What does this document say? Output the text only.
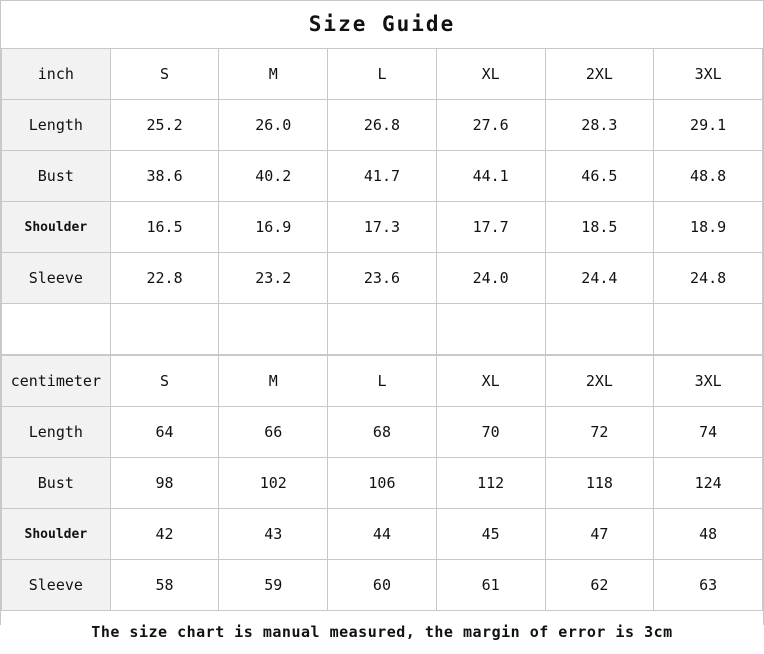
Size Guide
inch	S	M	L	XL	2XL	3XL
Length	25.2	26.0	26.8	27.6	28.3	29.1
Bust	38.6	40.2	41.7	44.1	46.5	48.8
Shoulder	16.5	16.9	17.3	17.7	18.5	18.9
Sleeve	22.8	23.2	23.6	24.0	24.4	24.8

centimeter	S	M	L	XL	2XL	3XL
Length	64	66	68	70	72	74
Bust	98	102	106	112	118	124
Shoulder	42	43	44	45	47	48
Sleeve	58	59	60	61	62	63
The size chart is manual measured, the margin of error is 3cm
